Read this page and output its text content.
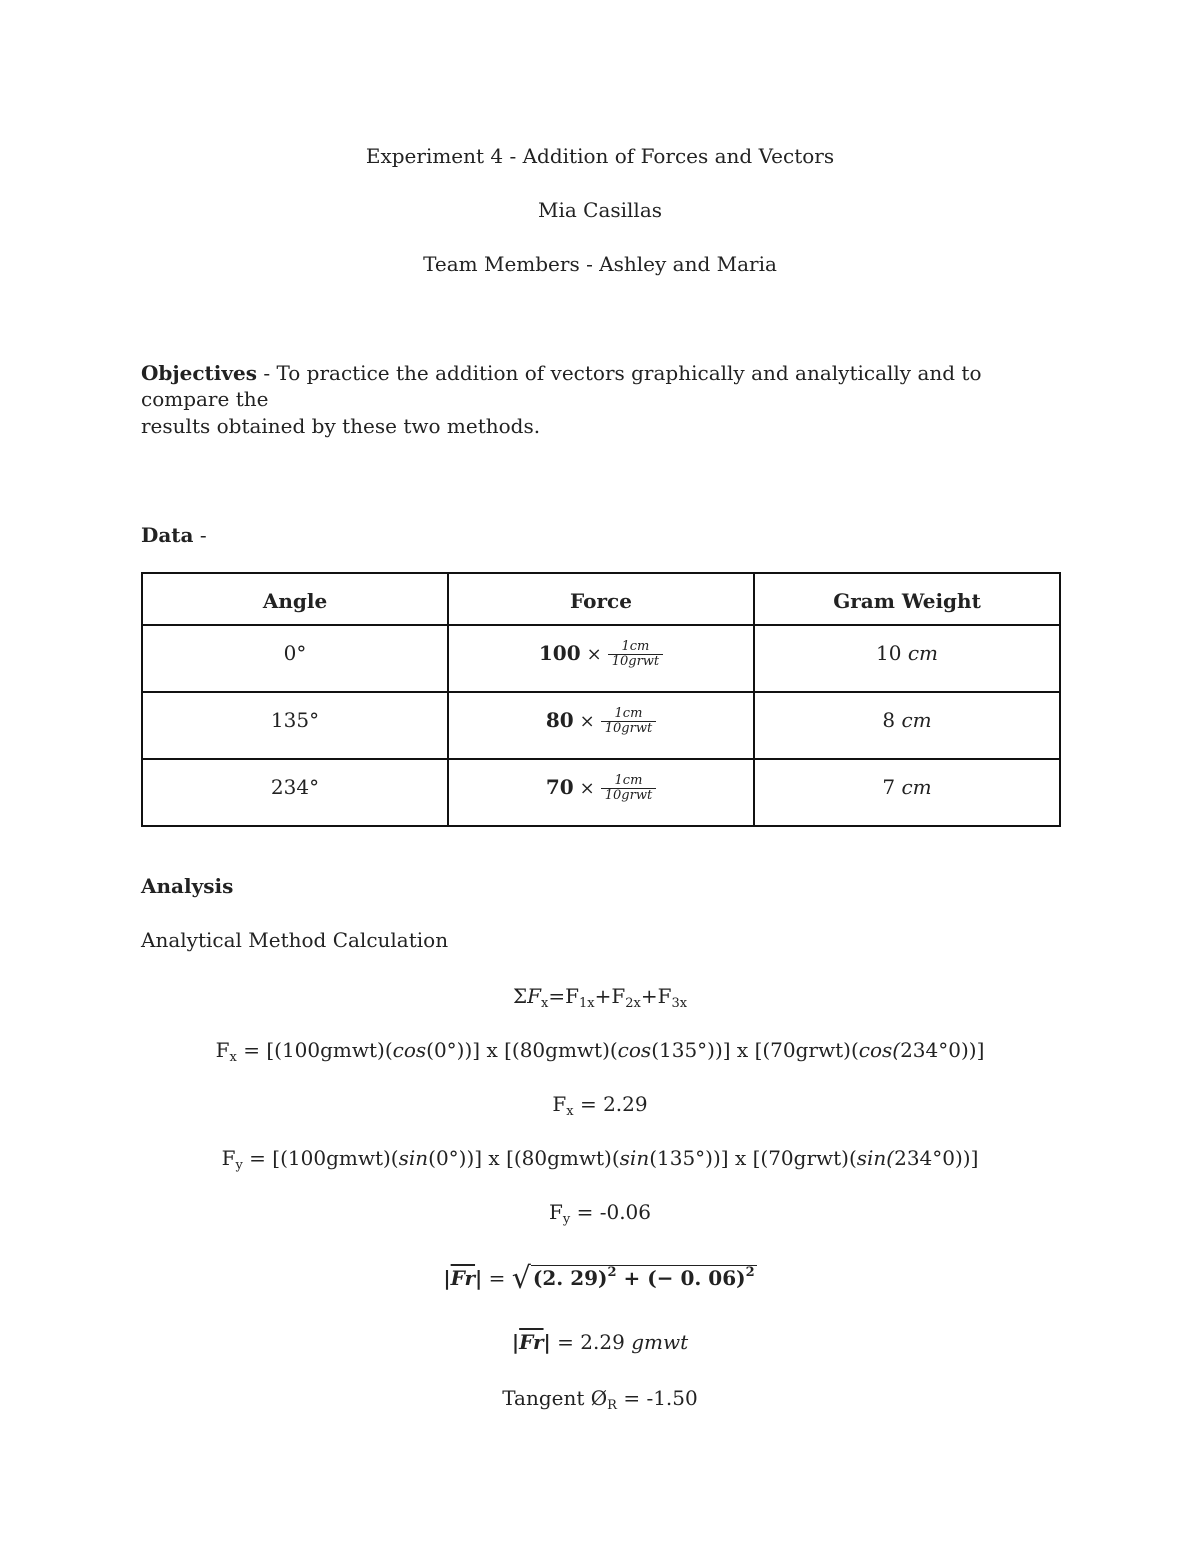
Experiment 4 - Addition of Forces and Vectors
Mia Casillas
Team Members - Ashley and Maria
Objectives - To practice the addition of vectors graphically and analytically and to compare the
results obtained by these two methods.
Data -
Angle	Force	Gram Weight
0°	$100 \times \frac{1cm}{\text{10grwt}}$	10 cm
135°	$80 \times \frac{1cm}{\text{10grwt}}$	8 cm
234°	$70 \times \frac{1cm}{\text{10grwt}}$	7 cm
Analysis
Analytical Method Calculation
$\Sigma F_x=F_{1x}+F_{2x}+F_{3x}$
$F_x$ = [(100gmwt)(cos(0°))] x [(80gmwt)(cos(135°))] x [(70grwt)(cos(234°0))]
$F_x = 2.29$
$F_y$ = [(100gmwt)(sin(0°))] x [(80gmwt)(sin(135°))] x [(70grwt)(sin(234°0))]
$F_y = -0.06$
$|\overline{Fr}|$ = √ (2. 29)$^2$ + (− 0. 06)$^2$
$|\overline{Fr}| = 2.29$ gmwt
Tangent $Ø_R = -1.50$
